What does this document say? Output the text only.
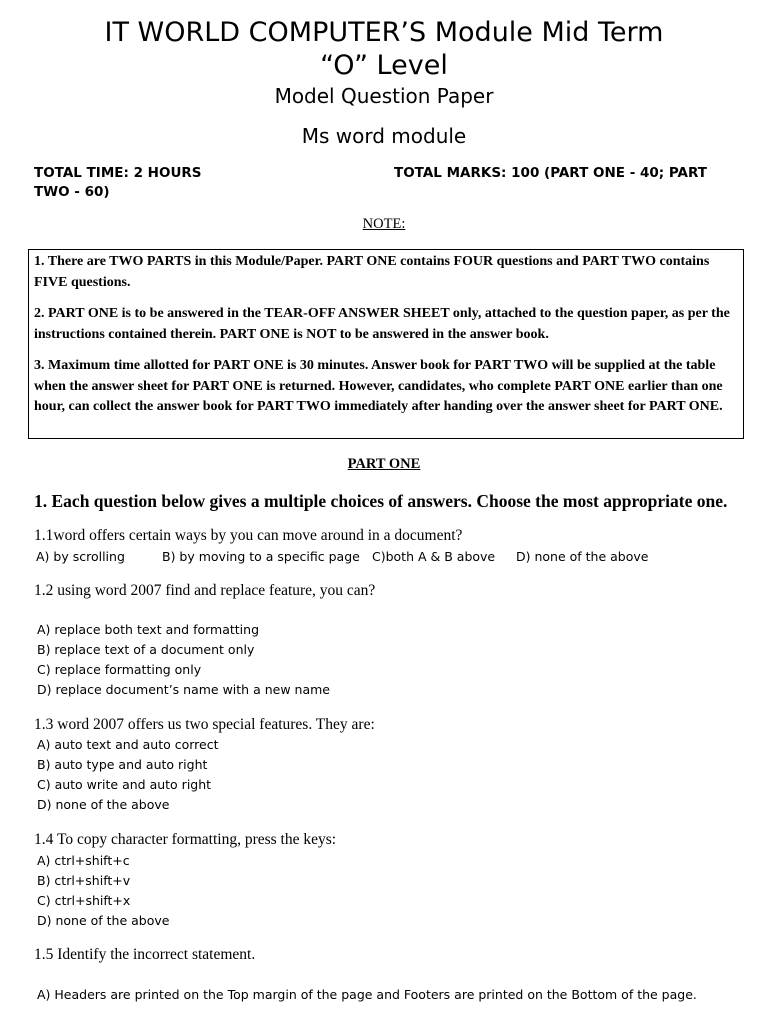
IT WORLD COMPUTER’S Module Mid Term
“O” Level
Model Question Paper
Ms word module
TOTAL TIME: 2 HOURS	TOTAL MARKS: 100 (PART ONE - 40; PART
TWO - 60)
NOTE:

1. There are TWO PARTS in this Module/Paper. PART ONE contains FOUR questions and PART TWO contains FIVE questions.

2. PART ONE is to be answered in the TEAR-OFF ANSWER SHEET only, attached to the question paper, as per the instructions contained therein. PART ONE is NOT to be answered in the answer book.

3. Maximum time allotted for PART ONE is 30 minutes. Answer book for PART TWO will be supplied at the table when the answer sheet for PART ONE is returned. However, candidates, who complete PART ONE earlier than one hour, can collect the answer book for PART TWO immediately after handing over the answer sheet for PART ONE.

PART ONE
1. Each question below gives a multiple choices of answers. Choose the most appropriate one.
1.1word offers certain ways by you can move around in a document?
A) by scrolling	B) by moving to a specific page C)both A & B above D) none of the above
1.2 using word 2007 find and replace feature, you can?
A) replace both text and formatting
B) replace text of a document only
C) replace formatting only
D) replace document’s name with a new name
1.3 word 2007 offers us two special features. They are:
A) auto text and auto correct
B) auto type and auto right
C) auto write and auto right
D) none of the above
1.4 To copy character formatting, press the keys:
A) ctrl+shift+c
B) ctrl+shift+v
C) ctrl+shift+x
D) none of the above
1.5 Identify the incorrect statement.
A) Headers are printed on the Top margin of the page and Footers are printed on the Bottom of the page.
